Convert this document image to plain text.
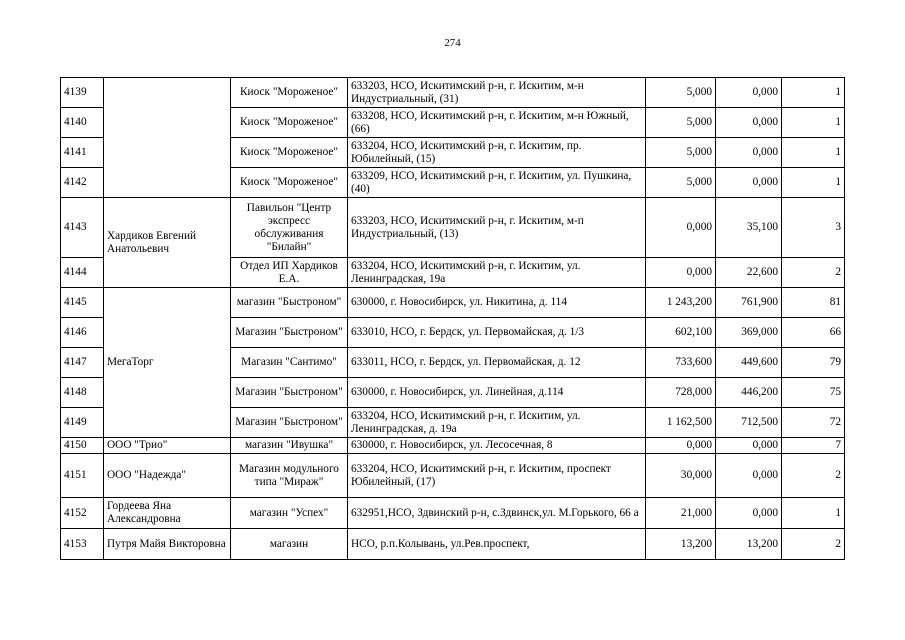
274
4139		Киоск "Мороженое"	633203, НСО, Искитимский р-н, г. Искитим, м-н Индустриальный, (31)	5,000	0,000	1
4140		Киоск "Мороженое"	633208, НСО, Искитимский р-н, г. Искитим, м-н Южный, (66)	5,000	0,000	1
4141		Киоск "Мороженое"	633204, НСО, Искитимский р-н, г. Искитим, пр. Юбилейный, (15)	5,000	0,000	1
4142		Киоск "Мороженое"	633209, НСО, Искитимский р-н, г. Искитим, ул. Пушкина, (40)	5,000	0,000	1
4143	Хардиков Евгений Анатольевич	Павильон "Центр экспресс обслуживания "Билайн"	633203, НСО, Искитимский р-н, г. Искитим, м-п Индустриальный, (13)	0,000	35,100	3
4144		Отдел ИП Хардиков Е.А.	633204, НСО, Искитимский р-н, г. Искитим, ул. Ленинградская, 19а	0,000	22,600	2
4145	МегаТорг	магазин "Быстроном"	630000, г. Новосибирск, ул. Никитина, д. 114	1 243,200	761,900	81
4146		Магазин "Быстроном"	633010, НСО, г. Бердск, ул. Первомайская, д. 1/3	602,100	369,000	66
4147		Магазин "Сантимо"	633011, НСО, г. Бердск, ул. Первомайская, д. 12	733,600	449,600	79
4148		Магазин "Быстроном"	630000, г. Новосибирск, ул. Линейная, д.114	728,000	446,200	75
4149		Магазин "Быстроном"	633204, НСО, Искитимский р-н, г. Искитим, ул. Ленинградская, д. 19а	1 162,500	712,500	72
4150	ООО "Трио"	магазин "Ивушка"	630000, г. Новосибирск, ул. Лесосечная, 8	0,000	0,000	7
4151	ООО "Надежда"	Магазин модульного типа "Мираж"	633204, НСО, Искитимский р-н, г. Искитим, проспект Юбилейный, (17)	30,000	0,000	2
4152	Гордеева Яна Александровна	магазин "Успех"	632951,НСО, Здвинский р-н, с.Здвинск,ул. М.Горького, 66 а	21,000	0,000	1
4153	Путря Майя Викторовна	магазин	НСО, р.п.Колывань, ул.Рев.проспект,	13,200	13,200	2
